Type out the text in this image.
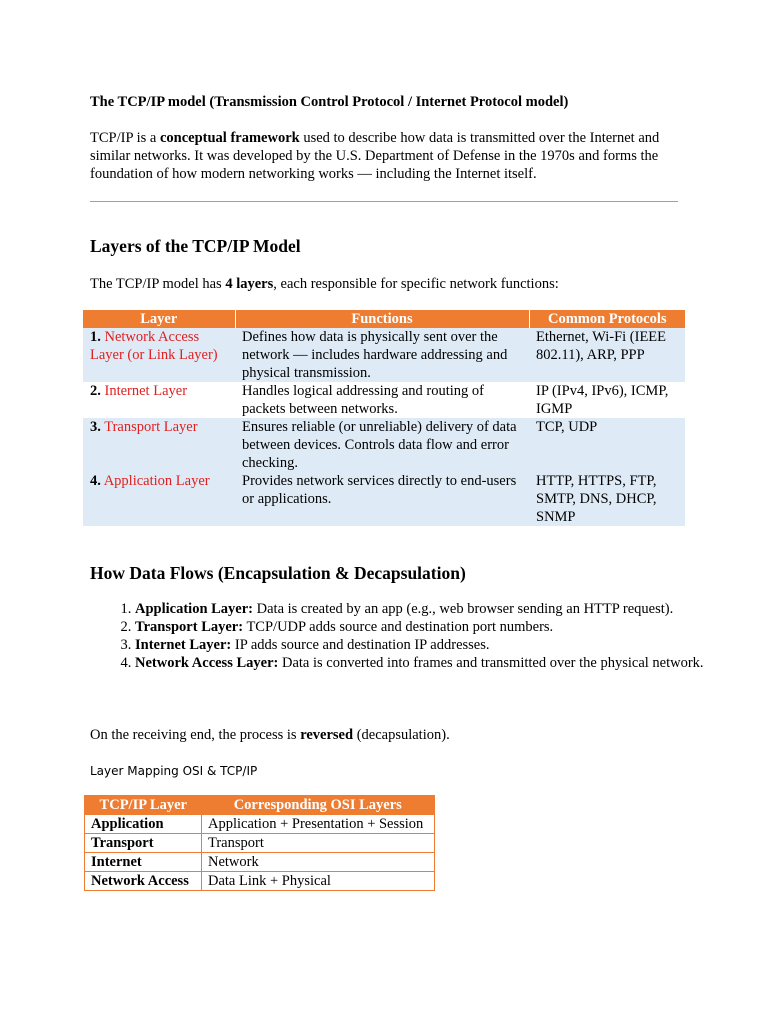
The TCP/IP model (Transmission Control Protocol / Internet Protocol model)
TCP/IP is a conceptual framework used to describe how data is transmitted over the Internet and similar networks. It was developed by the U.S. Department of Defense in the 1970s and forms the foundation of how modern networking works — including the Internet itself.
Layers of the TCP/IP Model
The TCP/IP model has 4 layers, each responsible for specific network functions:
Layer	Functions	Common Protocols
1. Network Access Layer (or Link Layer)	Defines how data is physically sent over the network — includes hardware addressing and physical transmission.	Ethernet, Wi-Fi (IEEE 802.11), ARP, PPP
2. Internet Layer	Handles logical addressing and routing of packets between networks.	IP (IPv4, IPv6), ICMP, IGMP
3. Transport Layer	Ensures reliable (or unreliable) delivery of data between devices. Controls data flow and error checking.	TCP, UDP
4. Application Layer	Provides network services directly to end-users or applications.	HTTP, HTTPS, FTP, SMTP, DNS, DHCP, SNMP
How Data Flows (Encapsulation & Decapsulation)
1. Application Layer: Data is created by an app (e.g., web browser sending an HTTP request).
2. Transport Layer: TCP/UDP adds source and destination port numbers.
3. Internet Layer: IP adds source and destination IP addresses.
4. Network Access Layer: Data is converted into frames and transmitted over the physical network.
On the receiving end, the process is reversed (decapsulation).
Layer Mapping OSI & TCP/IP
TCP/IP Layer	Corresponding OSI Layers
Application	Application + Presentation + Session
Transport	Transport
Internet	Network
Network Access	Data Link + Physical
